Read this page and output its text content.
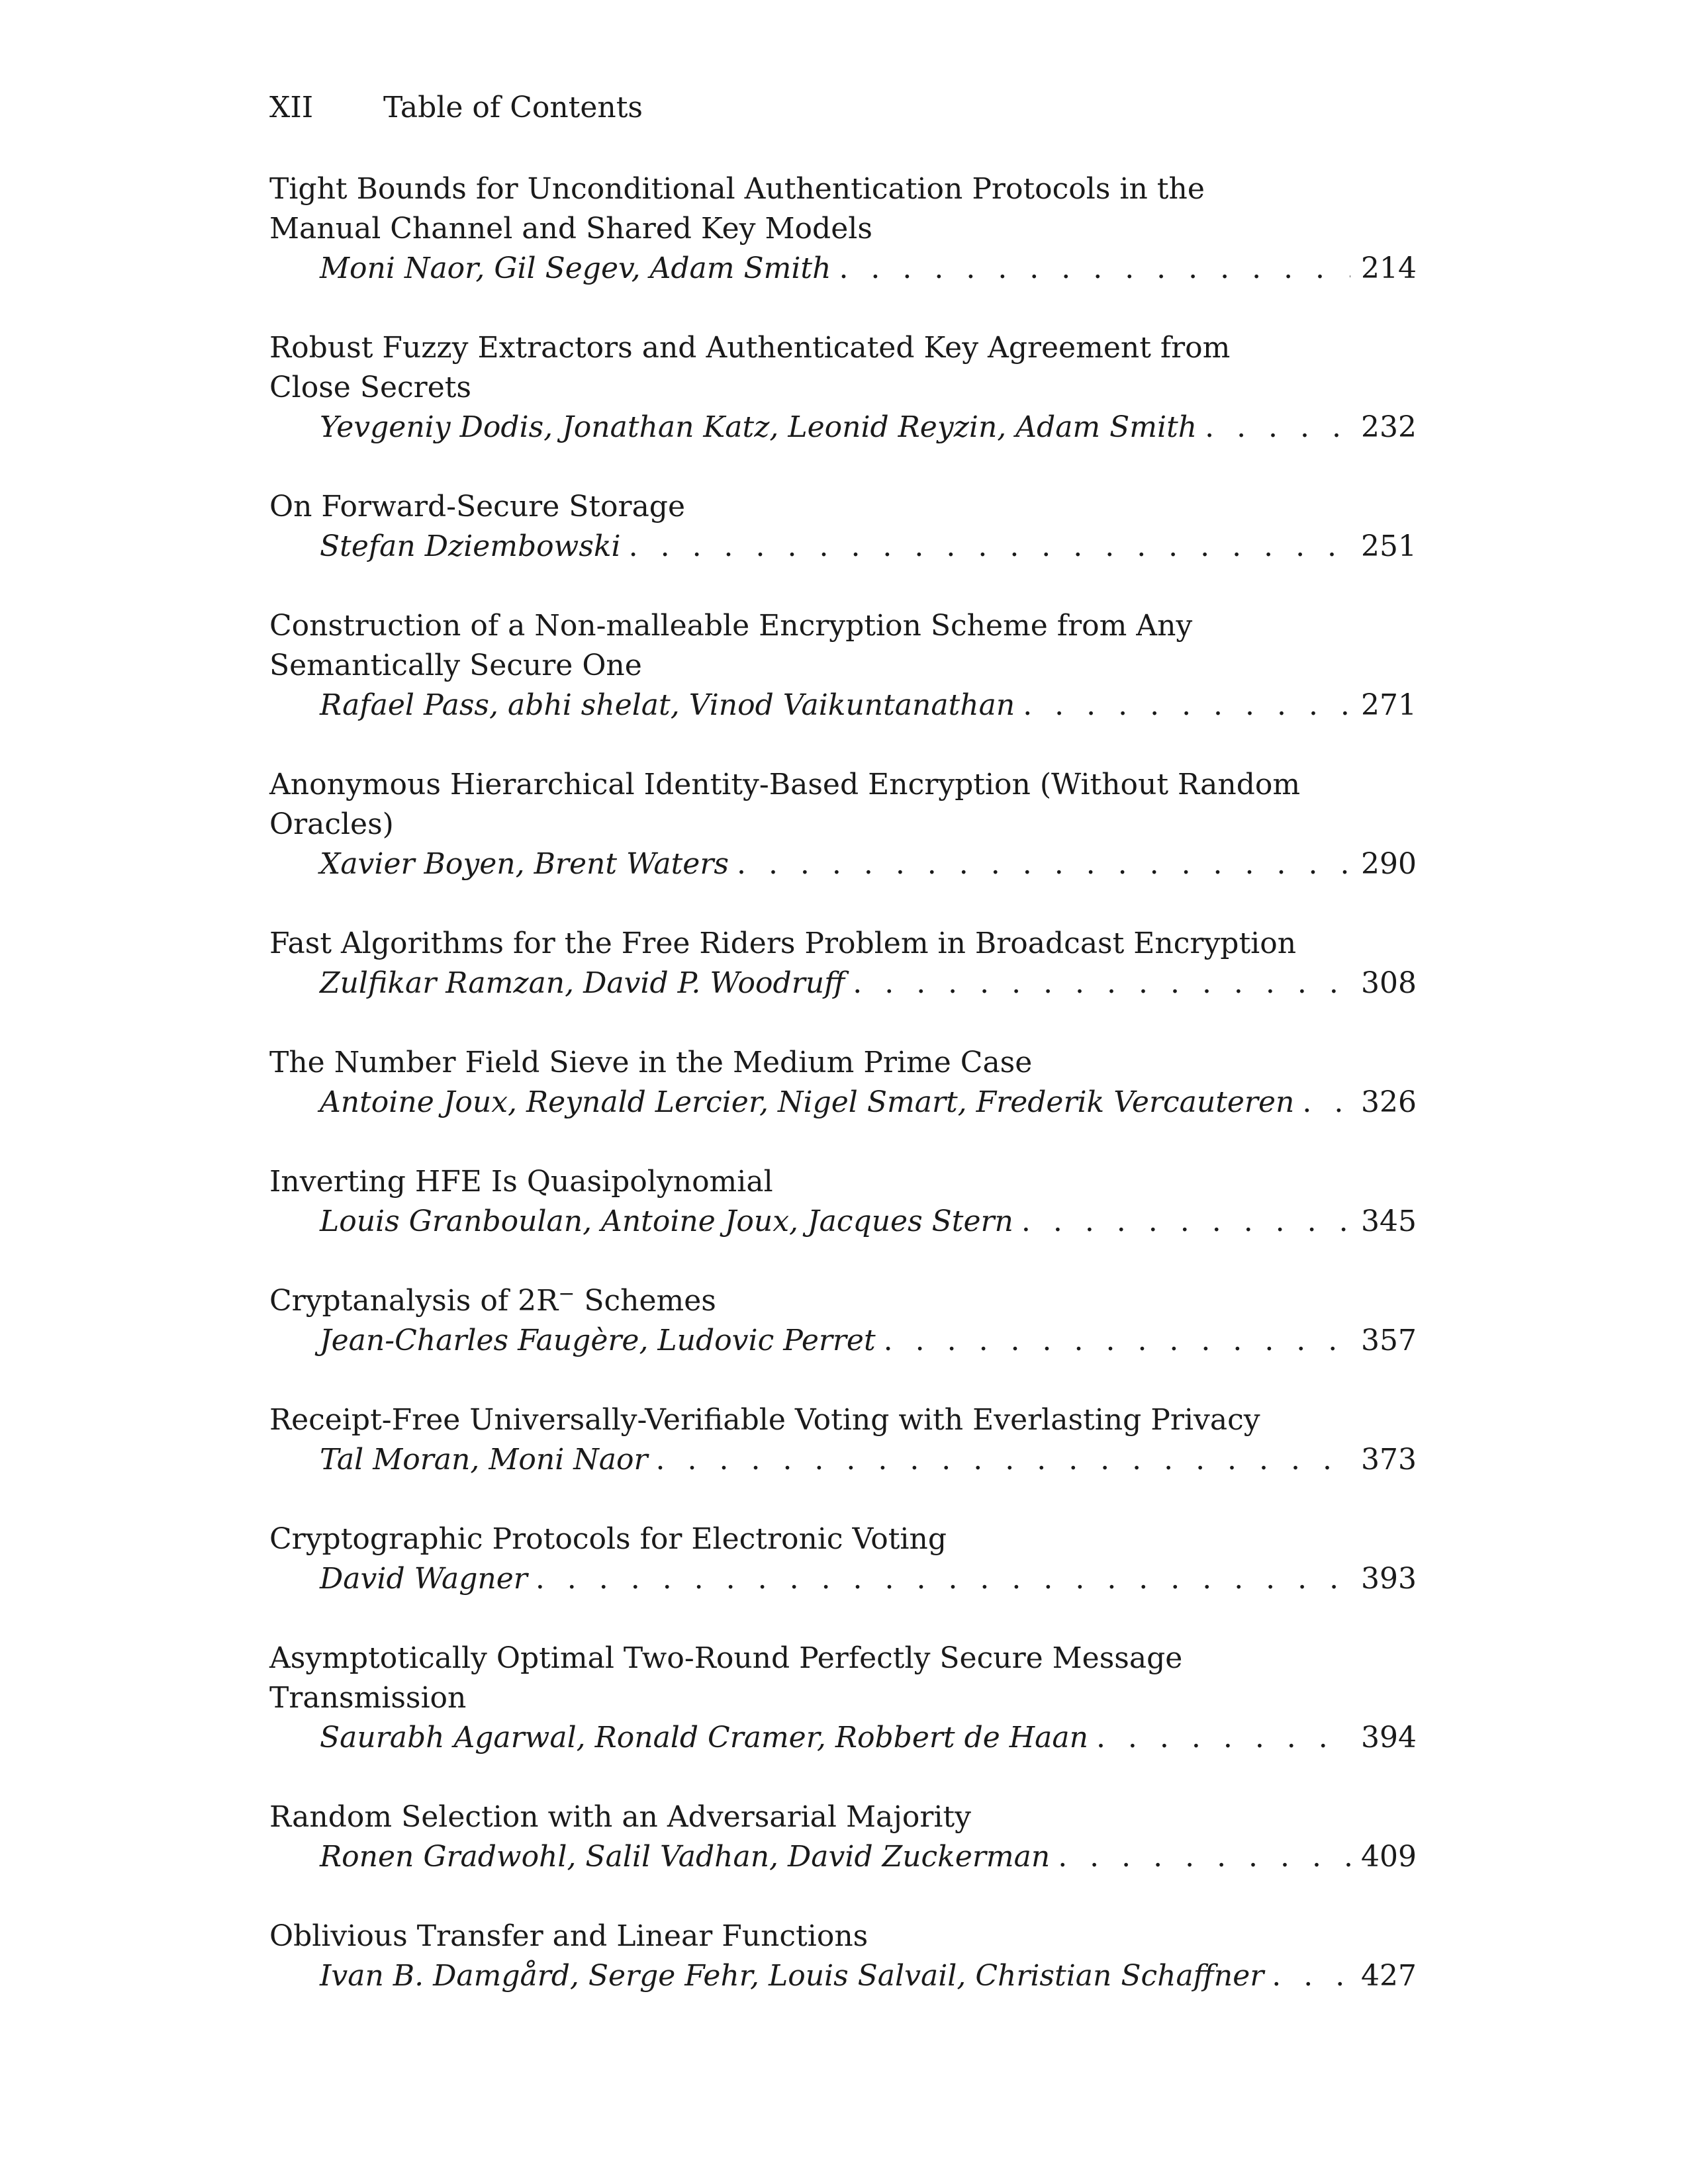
XII Table of Contents
Tight Bounds for Unconditional Authentication Protocols in the
Manual Channel and Shared Key Models
Moni Naor, Gil Segev, Adam Smith . . .	214
Robust Fuzzy Extractors and Authenticated Key Agreement from
Close Secrets
Yevgeniy Dodis, Jonathan Katz, Leonid Reyzin, Adam Smith . . .	232
On Forward-Secure Storage
Stefan Dziembowski . . .	251
Construction of a Non-malleable Encryption Scheme from Any
Semantically Secure One
Rafael Pass, abhi shelat, Vinod Vaikuntanathan . . .	271
Anonymous Hierarchical Identity-Based Encryption (Without Random
Oracles)
Xavier Boyen, Brent Waters . . .	290
Fast Algorithms for the Free Riders Problem in Broadcast Encryption
Zulfikar Ramzan, David P. Woodruff . . .	308
The Number Field Sieve in the Medium Prime Case
Antoine Joux, Reynald Lercier, Nigel Smart, Frederik Vercauteren . . . 326
Inverting HFE Is Quasipolynomial
Louis Granboulan, Antoine Joux, Jacques Stern . . .	345
Cryptanalysis of 2R− Schemes
Jean-Charles Faugère, Ludovic Perret . . .	357
Receipt-Free Universally-Verifiable Voting with Everlasting Privacy
Tal Moran, Moni Naor . . .	373
Cryptographic Protocols for Electronic Voting
David Wagner . . .	393
Asymptotically Optimal Two-Round Perfectly Secure Message
Transmission
Saurabh Agarwal, Ronald Cramer, Robbert de Haan . . .	394
Random Selection with an Adversarial Majority
Ronen Gradwohl, Salil Vadhan, David Zuckerman . . .	409
Oblivious Transfer and Linear Functions
Ivan B. Damgård, Serge Fehr, Louis Salvail, Christian Schaffner . . .	427
